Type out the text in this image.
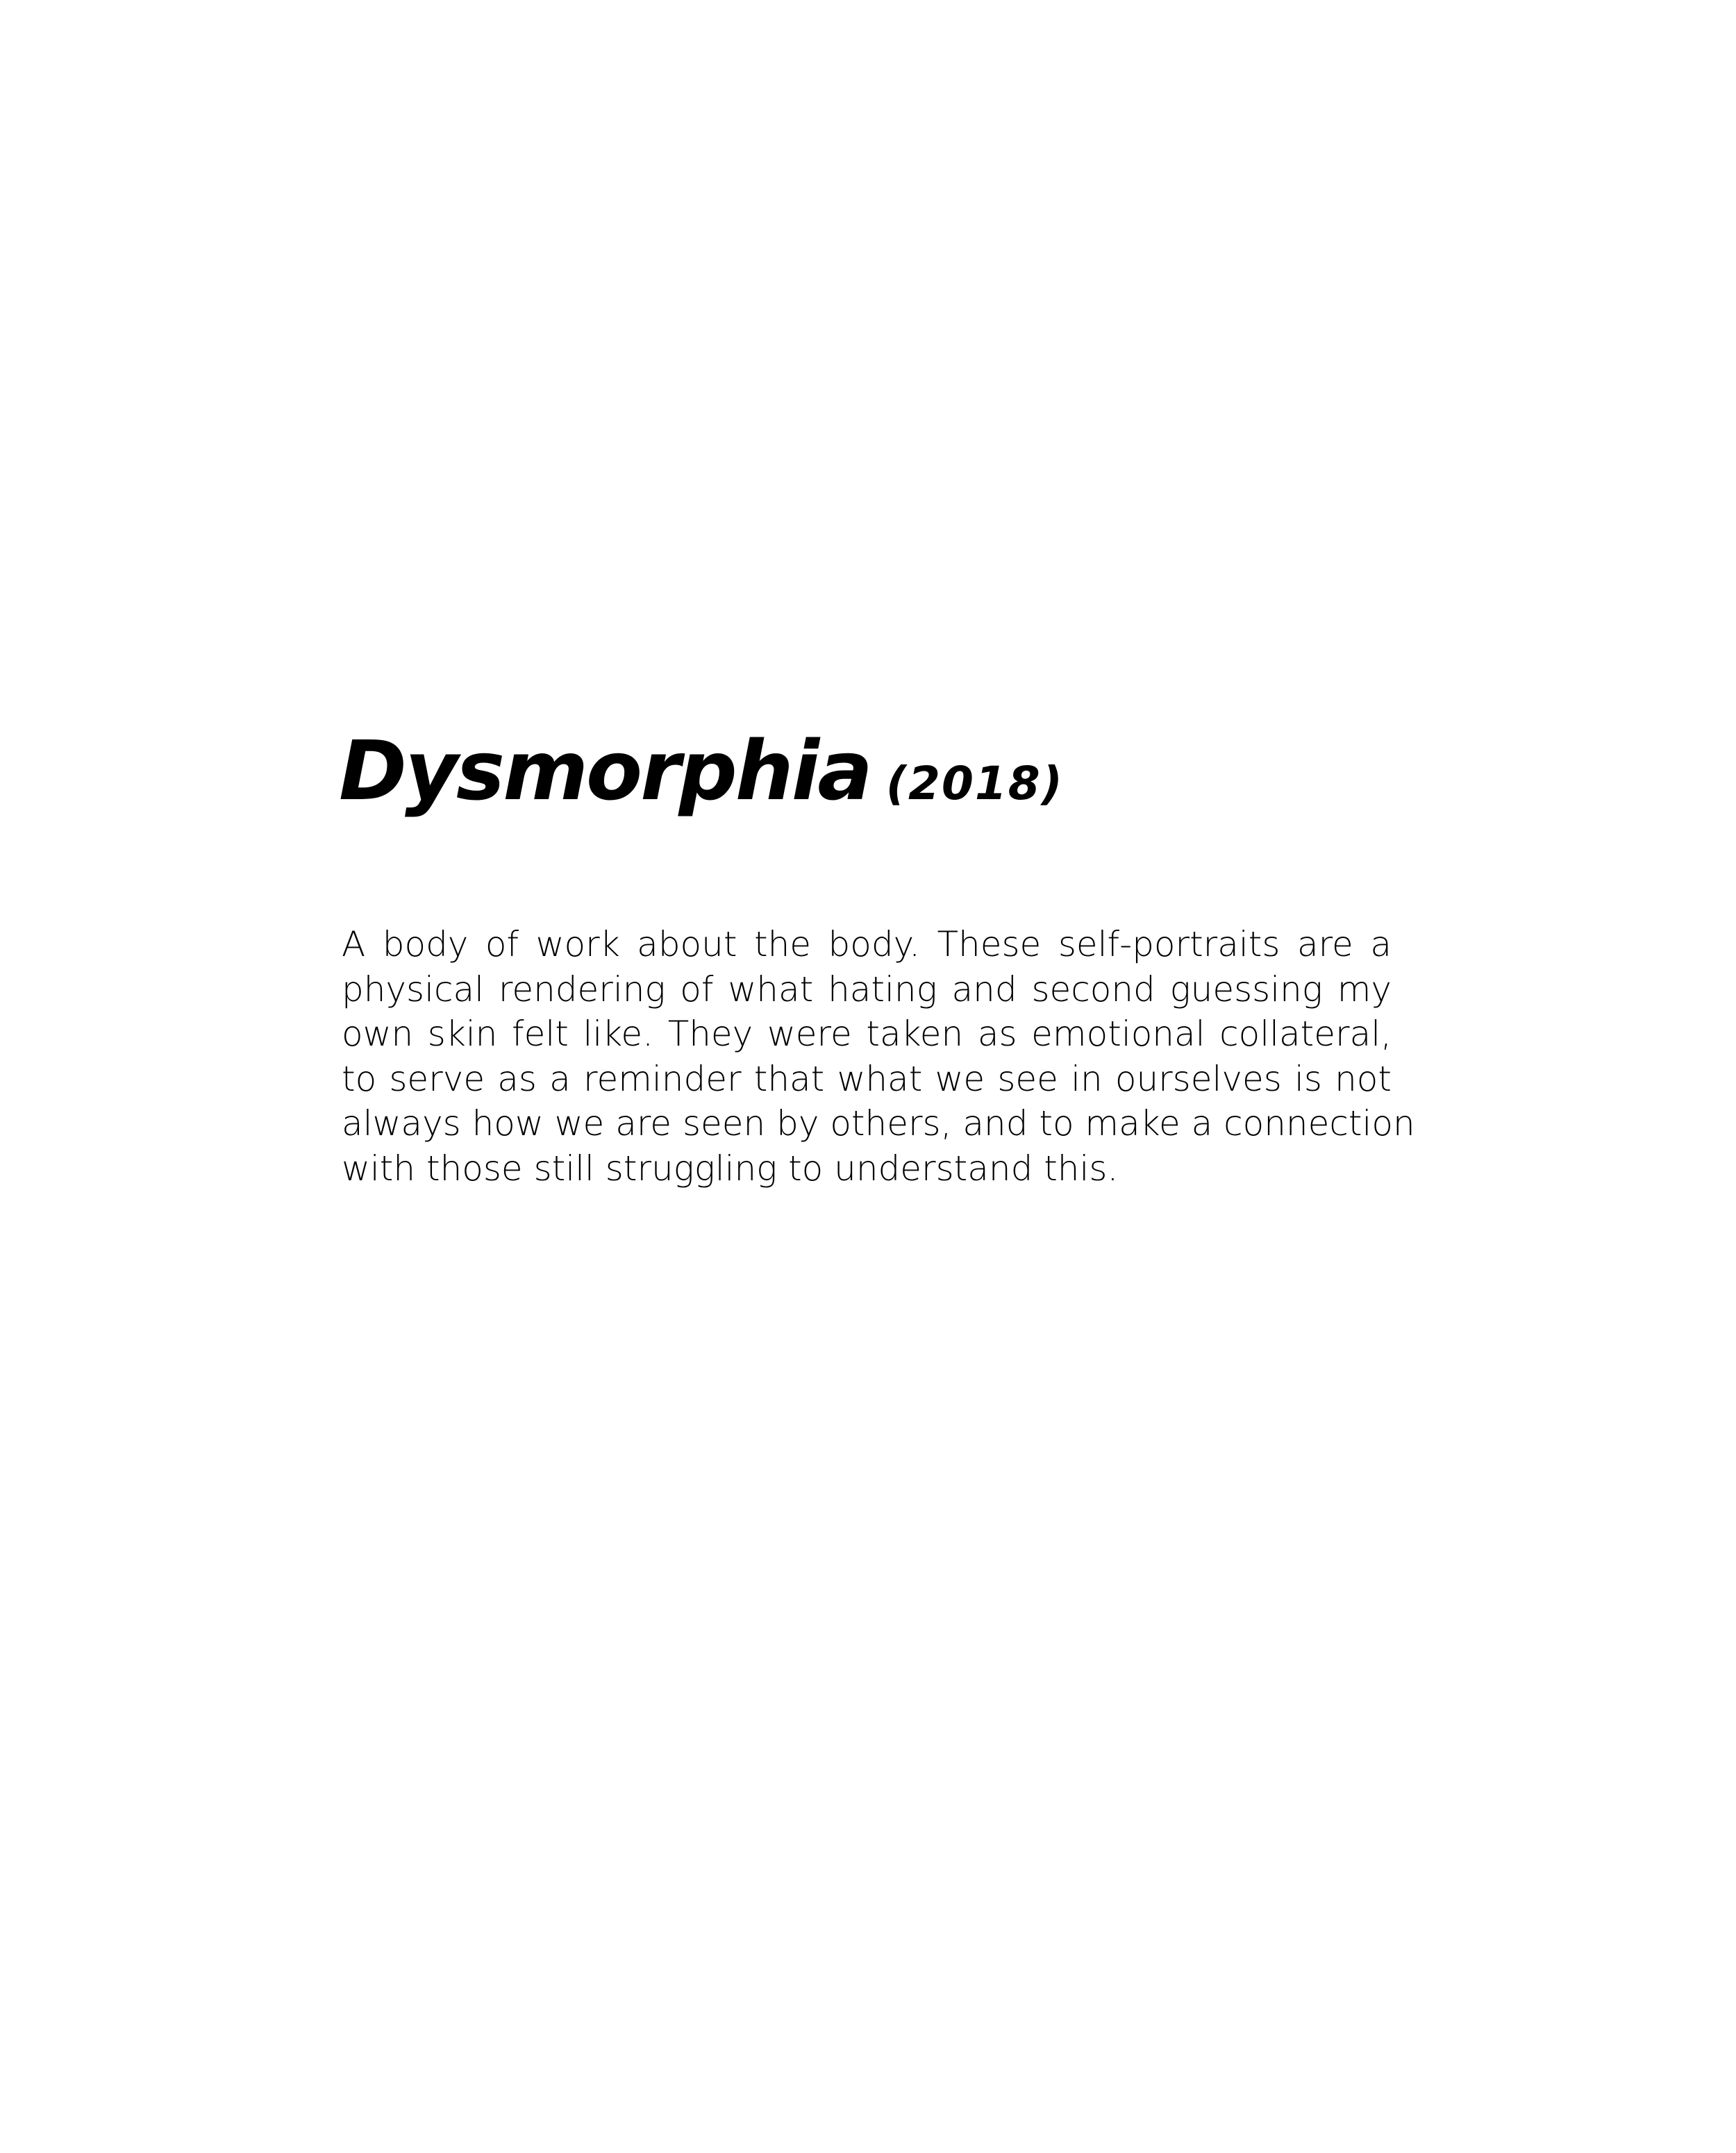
Dysmorphia (2018)

A body of work about the body. These self-portraits are a
physical rendering of what hating and second guessing my
own skin felt like. They were taken as emotional collateral,
to serve as a reminder that what we see in ourselves is not
always how we are seen by others, and to make a connection
with those still struggling to understand this.
